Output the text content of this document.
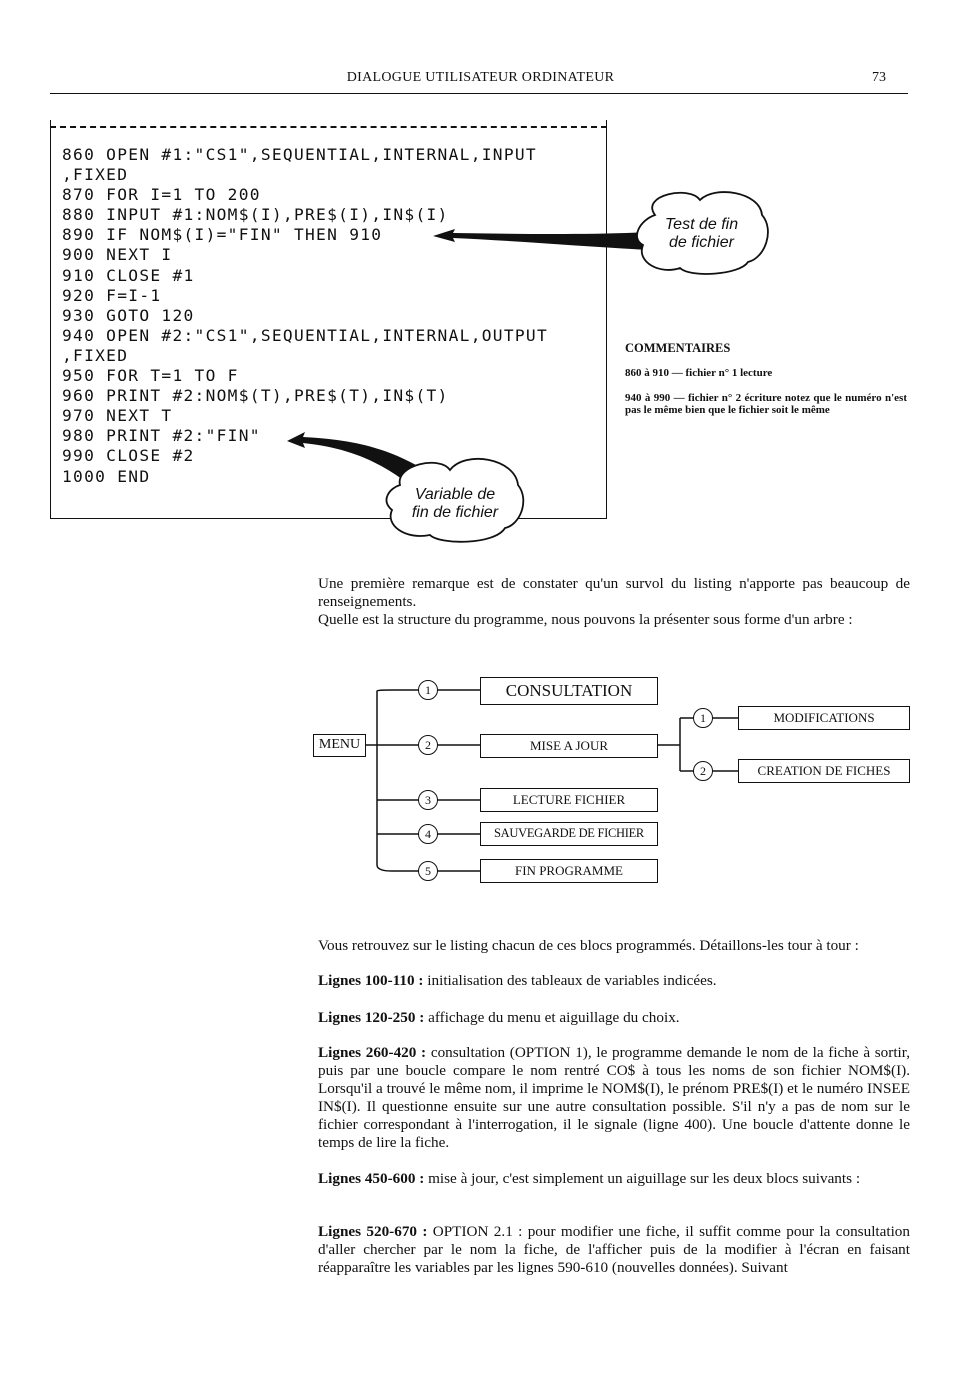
DIALOGUE UTILISATEUR ORDINATEUR	73
860 OPEN #1:"CS1",SEQUENTIAL,INTERNAL,INPUT
,FIXED
870 FOR I=1 TO 200
880 INPUT #1:NOM$(I),PRE$(I),IN$(I)
890 IF NOM$(I)="FIN" THEN 910
900 NEXT I
910 CLOSE #1
920 F=I-1
930 GOTO 120
940 OPEN #2:"CS1",SEQUENTIAL,INTERNAL,OUTPUT
,FIXED
950 FOR T=1 TO F
960 PRINT #2:NOM$(T),PRE$(T),IN$(T)
970 NEXT T
980 PRINT #2:"FIN"
990 CLOSE #2
1000 END
Test de fin
de fichier
Variable de
fin de fichier
COMMENTAIRES
860 à 910 — fichier n° 1 lecture
940 à 990 — fichier n° 2 écriture notez que le numéro n'est pas le même bien que le fichier soit le même
Une première remarque est de constater qu'un survol du listing n'apporte pas beaucoup de renseignements.
Quelle est la structure du programme, nous pouvons la présenter sous forme d'un arbre :
MENU
1
2
3
4
5
CONSULTATION
MISE A JOUR
LECTURE FICHIER
SAUVEGARDE DE FICHIER
FIN PROGRAMME
1
2
MODIFICATIONS
CREATION DE FICHES
Vous retrouvez sur le listing chacun de ces blocs programmés. Détaillons-les tour à tour :
Lignes 100-110 : initialisation des tableaux de variables indicées.
Lignes 120-250 : affichage du menu et aiguillage du choix.
Lignes 260-420 : consultation (OPTION 1), le programme demande le nom de la fiche à sortir, puis par une boucle compare le nom rentré CO$ à tous les noms de son fichier NOM$(I). Lorsqu'il a trouvé le même nom, il imprime le NOM$(I), le prénom PRE$(I) et le numéro INSEE IN$(I). Il questionne ensuite sur une autre consultation possible. S'il n'y a pas de nom sur le fichier correspondant à l'interrogation, il le signale (ligne 400). Une boucle d'attente donne le temps de lire la fiche.
Lignes 450-600 : mise à jour, c'est simplement un aiguillage sur les deux blocs suivants :
Lignes 520-670 : OPTION 2.1 : pour modifier une fiche, il suffit comme pour la consultation d'aller chercher par le nom la fiche, de l'afficher puis de la modifier à l'écran en faisant réapparaître les variables par les lignes 590-610 (nouvelles données). Suivant
